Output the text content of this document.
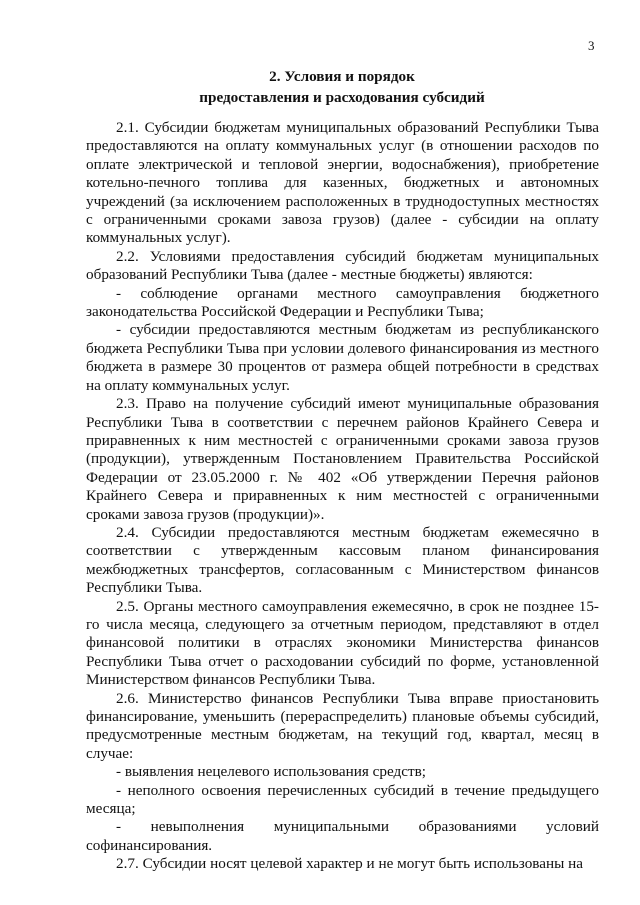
3
2. Условия и порядок
предоставления и расходования субсидий

2.1. Субсидии бюджетам муниципальных образований Республики Тыва предоставляются на оплату коммунальных услуг (в отношении расходов по оплате электрической и тепловой энергии, водоснабжения), приобретение котельно-печного топлива для казенных, бюджетных и автономных учреждений (за исключением расположенных в труднодоступных местностях с ограниченными сроками завоза грузов) (далее - субсидии на оплату коммунальных услуг).

2.2. Условиями предоставления субсидий бюджетам муниципальных образований Республики Тыва (далее - местные бюджеты) являются:

- соблюдение органами местного самоуправления бюджетного законодательства Российской Федерации и Республики Тыва;

- субсидии предоставляются местным бюджетам из республиканского бюджета Республики Тыва при условии долевого финансирования из местного бюджета в размере 30 процентов от размера общей потребности в средствах на оплату коммунальных услуг.

2.3. Право на получение субсидий имеют муниципальные образования Республики Тыва в соответствии с перечнем районов Крайнего Севера и приравненных к ним местностей с ограниченными сроками завоза грузов (продукции), утвержденным Постановлением Правительства Российской Федерации от 23.05.2000 г. № 402 «Об утверждении Перечня районов Крайнего Севера и приравненных к ним местностей с ограниченными сроками завоза грузов (продукции)».

2.4. Субсидии предоставляются местным бюджетам ежемесячно в соответствии с утвержденным кассовым планом финансирования межбюджетных трансфертов, согласованным с Министерством финансов Республики Тыва.

2.5. Органы местного самоуправления ежемесячно, в срок не позднее 15-го числа месяца, следующего за отчетным периодом, представляют в отдел финансовой политики в отраслях экономики Министерства финансов Республики Тыва отчет о расходовании субсидий по форме, установленной Министерством финансов Республики Тыва.

2.6. Министерство финансов Республики Тыва вправе приостановить финансирование, уменьшить (перераспределить) плановые объемы субсидий, предусмотренные местным бюджетам, на текущий год, квартал, месяц в случае:

- выявления нецелевого использования средств;

- неполного освоения перечисленных субсидий в течение предыдущего месяца;

- невыполнения муниципальными образованиями условий софинансирования.

2.7. Субсидии носят целевой характер и не могут быть использованы на
